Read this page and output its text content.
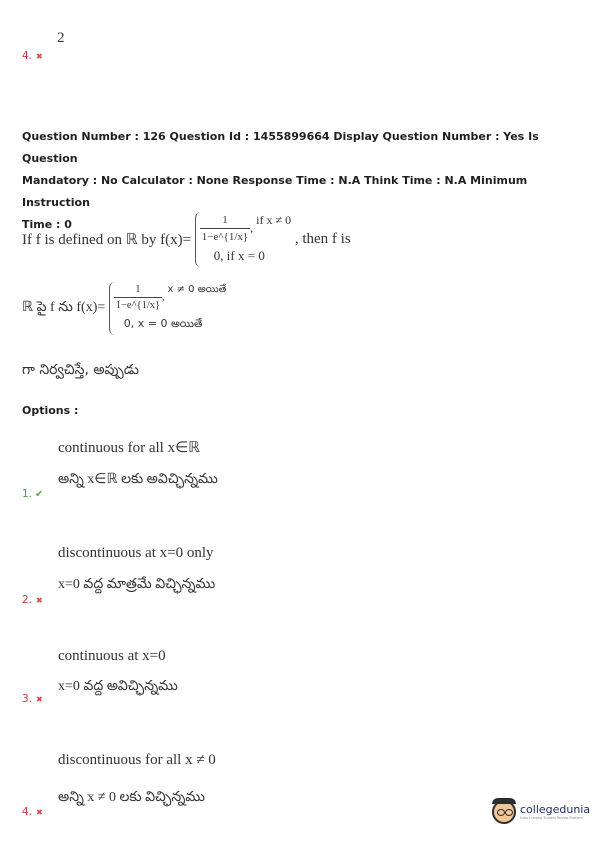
2
4. ✖
Question Number : 126 Question Id : 1455899664 Display Question Number : Yes Is Question
Mandatory : No Calculator : None Response Time : N.A Think Time : N.A Minimum Instruction
Time : 0
If f is defined on ℝ by $f(x)= \frac{1}{1-e\^{}\{1/x\}}$ , if x ≠ 0
0, if x = 0
, then f is
ℝ పై f ను $f(x)= \frac{1}{1-e\^{}\{1/x\}}$ , x ≠ 0 అయితే
0, x = 0 అయితే
గా నిర్వచిస్తే, అప్పుడు
Options :
continuous for all x∈ℝ
అన్ని x∈ℝ లకు అవిచ్ఛిన్నము
1. ✔
discontinuous at x=0 only
x=0 వద్ద మాత్రమే విచ్ఛిన్నము
2. ✖
continuous at x=0
x=0 వద్ద అవిచ్ఛిన్నము
3. ✖
discontinuous for all x ≠ 0
అన్ని x ≠ 0 లకు విచ్ఛిన్నము
4. ✖	collegedunia
India's largest Student Review Platform
